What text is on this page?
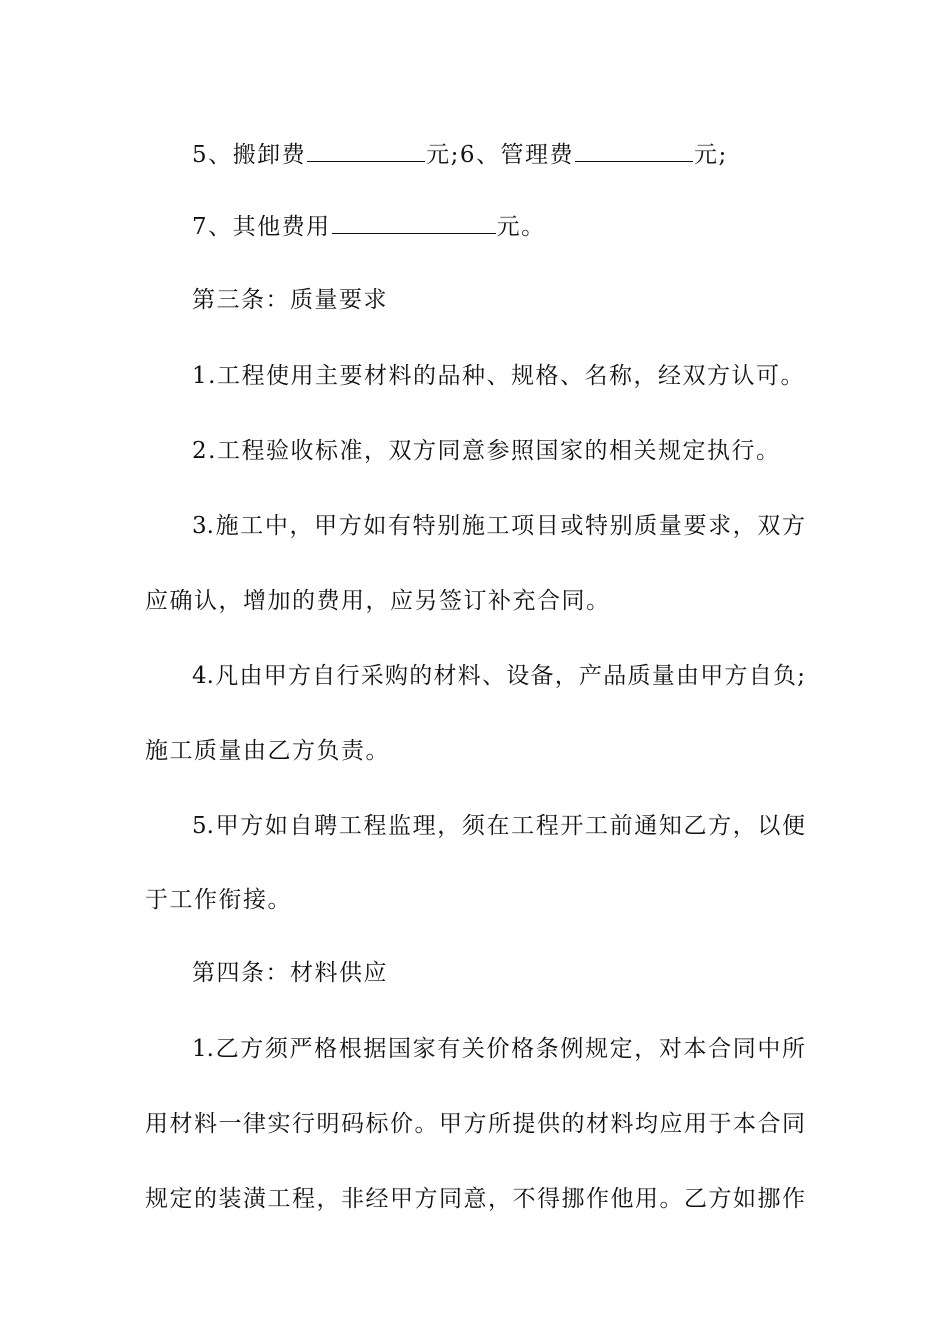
5、搬卸费	元;6、管理费	元;
7、其他费用	元。
第三条：质量要求
1.工程使用主要材料的品种、规格、名称，经双方认可。
2.工程验收标准，双方同意参照国家的相关规定执行。
3.施工中，甲方如有特别施工项目或特别质量要求，双方
应确认，增加的费用，应另签订补充合同。
4.凡由甲方自行采购的材料、设备，产品质量由甲方自负;
施工质量由乙方负责。
5.甲方如自聘工程监理，须在工程开工前通知乙方，以便
于工作衔接。
第四条：材料供应
1.乙方须严格根据国家有关价格条例规定，对本合同中所
用材料一律实行明码标价。甲方所提供的材料均应用于本合同
规定的装潢工程，非经甲方同意，不得挪作他用。乙方如挪作
